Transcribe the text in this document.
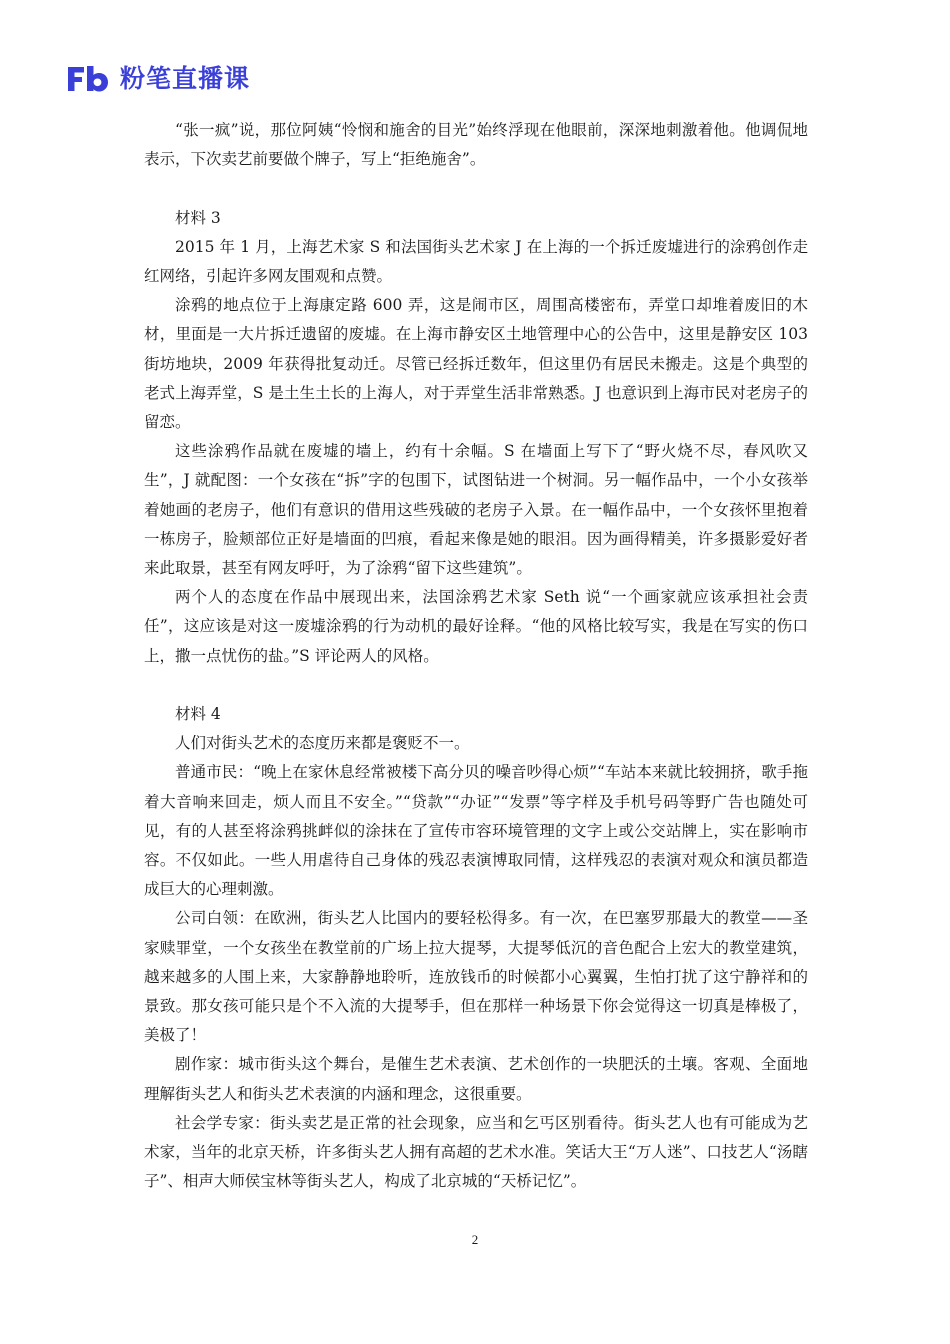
粉笔直播课

“张一疯”说，那位阿姨“怜悯和施舍的目光”始终浮现在他眼前，深深地刺激着他。他调侃地表示，下次卖艺前要做个牌子，写上“拒绝施舍”。

材料 3

2015 年 1 月，上海艺术家 S 和法国街头艺术家 J 在上海的一个拆迁废墟进行的涂鸦创作走红网络，引起许多网友围观和点赞。

涂鸦的地点位于上海康定路 600 弄，这是闹市区，周围高楼密布，弄堂口却堆着废旧的木材，里面是一大片拆迁遗留的废墟。在上海市静安区土地管理中心的公告中，这里是静安区 103 街坊地块，2009 年获得批复动迁。尽管已经拆迁数年，但这里仍有居民未搬走。这是个典型的老式上海弄堂，S 是土生土长的上海人，对于弄堂生活非常熟悉。J 也意识到上海市民对老房子的留恋。

这些涂鸦作品就在废墟的墙上，约有十余幅。S 在墙面上写下了“野火烧不尽，春风吹又生”，J 就配图：一个女孩在“拆”字的包围下，试图钻进一个树洞。另一幅作品中，一个小女孩举着她画的老房子，他们有意识的借用这些残破的老房子入景。在一幅作品中，一个女孩怀里抱着一栋房子，脸颊部位正好是墙面的凹痕，看起来像是她的眼泪。因为画得精美，许多摄影爱好者来此取景，甚至有网友呼吁，为了涂鸦“留下这些建筑”。

两个人的态度在作品中展现出来，法国涂鸦艺术家 Seth 说“一个画家就应该承担社会责任”，这应该是对这一废墟涂鸦的行为动机的最好诠释。“他的风格比较写实，我是在写实的伤口上，撒一点忧伤的盐。”S 评论两人的风格。

材料 4

人们对街头艺术的态度历来都是褒贬不一。

普通市民：“晚上在家休息经常被楼下高分贝的噪音吵得心烦”“车站本来就比较拥挤，歌手拖着大音响来回走，烦人而且不安全。”“贷款”“办证”“发票”等字样及手机号码等野广告也随处可见，有的人甚至将涂鸦挑衅似的涂抹在了宣传市容环境管理的文字上或公交站牌上，实在影响市容。不仅如此。一些人用虐待自己身体的残忍表演博取同情，这样残忍的表演对观众和演员都造成巨大的心理刺激。

公司白领：在欧洲，街头艺人比国内的要轻松得多。有一次，在巴塞罗那最大的教堂——圣家赎罪堂，一个女孩坐在教堂前的广场上拉大提琴，大提琴低沉的音色配合上宏大的教堂建筑，越来越多的人围上来，大家静静地聆听，连放钱币的时候都小心翼翼，生怕打扰了这宁静祥和的景致。那女孩可能只是个不入流的大提琴手，但在那样一种场景下你会觉得这一切真是棒极了，美极了！

剧作家：城市街头这个舞台，是催生艺术表演、艺术创作的一块肥沃的土壤。客观、全面地理解街头艺人和街头艺术表演的内涵和理念，这很重要。

社会学专家：街头卖艺是正常的社会现象，应当和乞丐区别看待。街头艺人也有可能成为艺术家，当年的北京天桥，许多街头艺人拥有高超的艺术水准。笑话大王“万人迷”、口技艺人“汤瞎子”、相声大师侯宝林等街头艺人，构成了北京城的“天桥记忆”。

2
